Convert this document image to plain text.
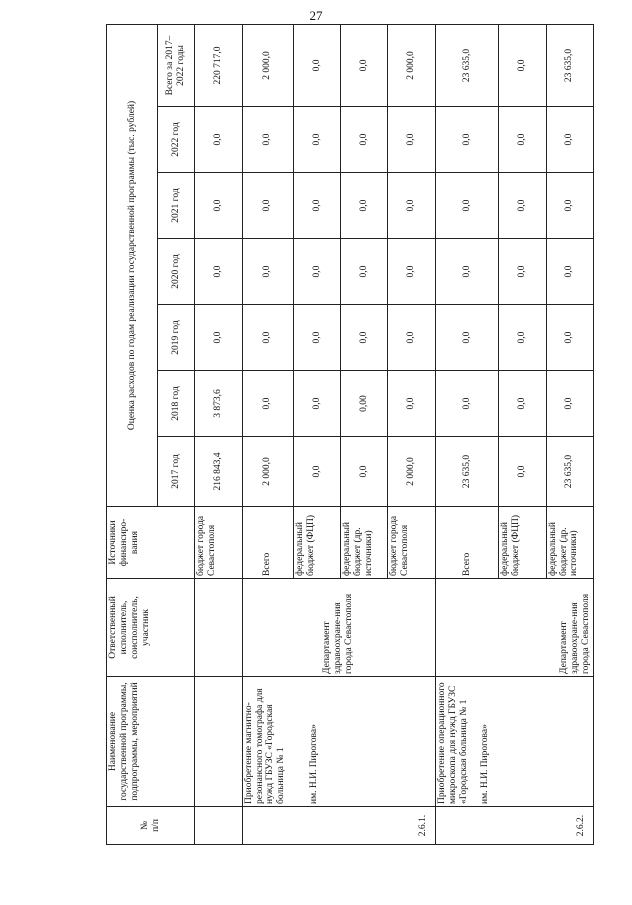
27
№
п/п	Наименование государственной программы, подпрограммы, мероприятий	Ответственный исполнитель, соисполнитель, участник	Источники финансиро-вания	Оценка расходов по годам реализации государственной программы (тыс. рублей)						
				2017 год	2018 год	2019 год	2020 год	2021 год	2022 год	Всего за 2017–2022 годы
			бюджет города Севастополя	216 843,4	3 873,6	0,0	0,0	0,0	0,0	220 717,0
2.6.1.	Приобретение магнитно-резонансного томографа для нужд ГБУЗС «Городская больница № 1 им. Н.И. Пирогова»	Департамент здравоохране-ния города Севастополя	Всего	2 000,0	0,0	0,0	0,0	0,0	0,0	2 000,0
			федеральный бюджет (ФЦП)	0,0	0,0	0,0	0,0	0,0	0,0	0,0
			федеральный бюджет (др. источники)	0,0	0,00	0,0	0,0	0,0	0,0	0,0
			бюджет города Севастополя	2 000,0	0,0	0,0	0,0	0,0	0,0	2 000,0
2.6.2.	Приобретение операционного микроскопа для нужд ГБУЗС «Городская больница № 1 им. Н.И. Пирогова»	Департамент здравоохране-ния города Севастополя	Всего	23 635,0	0,0	0,0	0,0	0,0	0,0	23 635,0
			федеральный бюджет (ФЦП)	0,0	0,0	0,0	0,0	0,0	0,0	0,0
			федеральный бюджет (др. источники)	23 635,0	0,0	0,0	0,0	0,0	0,0	23 635,0
